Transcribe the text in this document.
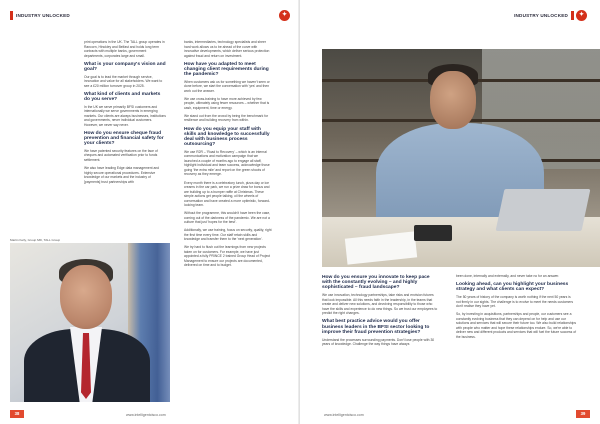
INDUSTRY UNLOCKED	✦

print operations in the UK. The TALL group operates in Rancorn, Hinckley and Belfast and holds long term contracts with multiple banks, government departments, corporates large and small.

What is your company's vision and goal?

Our goal is to lead the market through service, innovation and value for all stakeholders. We want to see a £20 million turnover group in 2025.

What kind of clients and markets do you serve?

In the UK we serve primarily BFSI customers and internationally we serve governments in emerging markets. Our clients are always businesses, institutions and governments, never individual customers. However, we never say never.

How do you ensure cheque fraud prevention and financial safety for your clients?

We have patented security features on the face of cheques and automated verification prior to funds settlement.

We also have leading Edge data management and highly secure operational procedures. Extensive knowledge of our markets and the industry of [payments] trust partnerships with

banks, intermediaries, technology specialists and sheer hard work allows us to be ahead of the curve with innovative developments, which deliver serious protection against fraud and return on investment.

How have you adapted to meet changing client requirements during the pandemic?

When customers ask us for something we haven't seen or done before, we start the conversation with 'yes' and then work out the answer.

We use cross-training to have more achieved by few people, ultimately using fewer resources – whether that is cash, equipment, time or energy.

We stand out from the crowd by being the benchmark for resilience and building recovery from within.

How do you equip your staff with skills and knowledge to successfully deal with business process outsourcing?

We use R2R – 'Road to Recovery' – which is an internal communications and motivation campaign that we launched a couple of months ago to engage all staff, highlight individual and team success, acknowledge those going 'the extra mile' and report on the green shoots of recovery as they emerge.

Every month there is a celebratory lunch, pizza day or ice creams in the car park, we run a prize draw for bonus and are building up to a bumper raffle at Christmas. These simple actions get people talking, oil the wheels of conversation and have created a more optimistic, forward-looking team.

Without the programme, this wouldn't have been the case, coming out of the darkness of the pandemic. We are not a culture that just 'hopes for the best'.

Additionally, we use training, focus on security, quality, right the first time every time. Our staff retain skills and knowledge and transfer them to the 'next generation'.

We try hard to flush out the learnings from new projects taken on for customers. For example, we have just appointed a fully PRINCE 2 trained Group Head of Project Management to ensure our projects are documented, delivered on time and to budget.

Martin Kelly, Group MD, TALL Group
38	www.intelligentcisco.com
INDUSTRY UNLOCKED	✦
How do you ensure you innovate to keep pace with the constantly evolving – and highly sophisticated – fraud landscape?

We use innovation, technology partnerships, take risks and envision futures that look impossible. All this needs faith in the leadership, in the teams that create and deliver new solutions, and devolving responsibility to those who have the skills and experience to do new things. So we trust our employees to predict the right changes.

What best practice advice would you offer business leaders in the BFSI sector looking to improve their fraud prevention strategies?

Understand the processes surrounding payments. Don't lose people with 30 years of knowledge. Challenge the way things have always

been done, internally and externally, and never take no for an answer.

Looking ahead, can you highlight your business strategy and what clients can expect?

The 50 years of history of the company is worth nothing if the next 50 years is not firmly in our sights. The challenge is to evolve to meet the needs customers don't realise they have yet.

So, by investing in acquisitions, partnerships and people, our customers see a constantly evolving business that they can depend on for help and use our solutions and services that will secure their future too. We also build relationships with people who matter and hope these relationships endure. So, we're able to deliver new and different products and services that will fuel the future success of the business.

www.intelligentcisco.com	39
